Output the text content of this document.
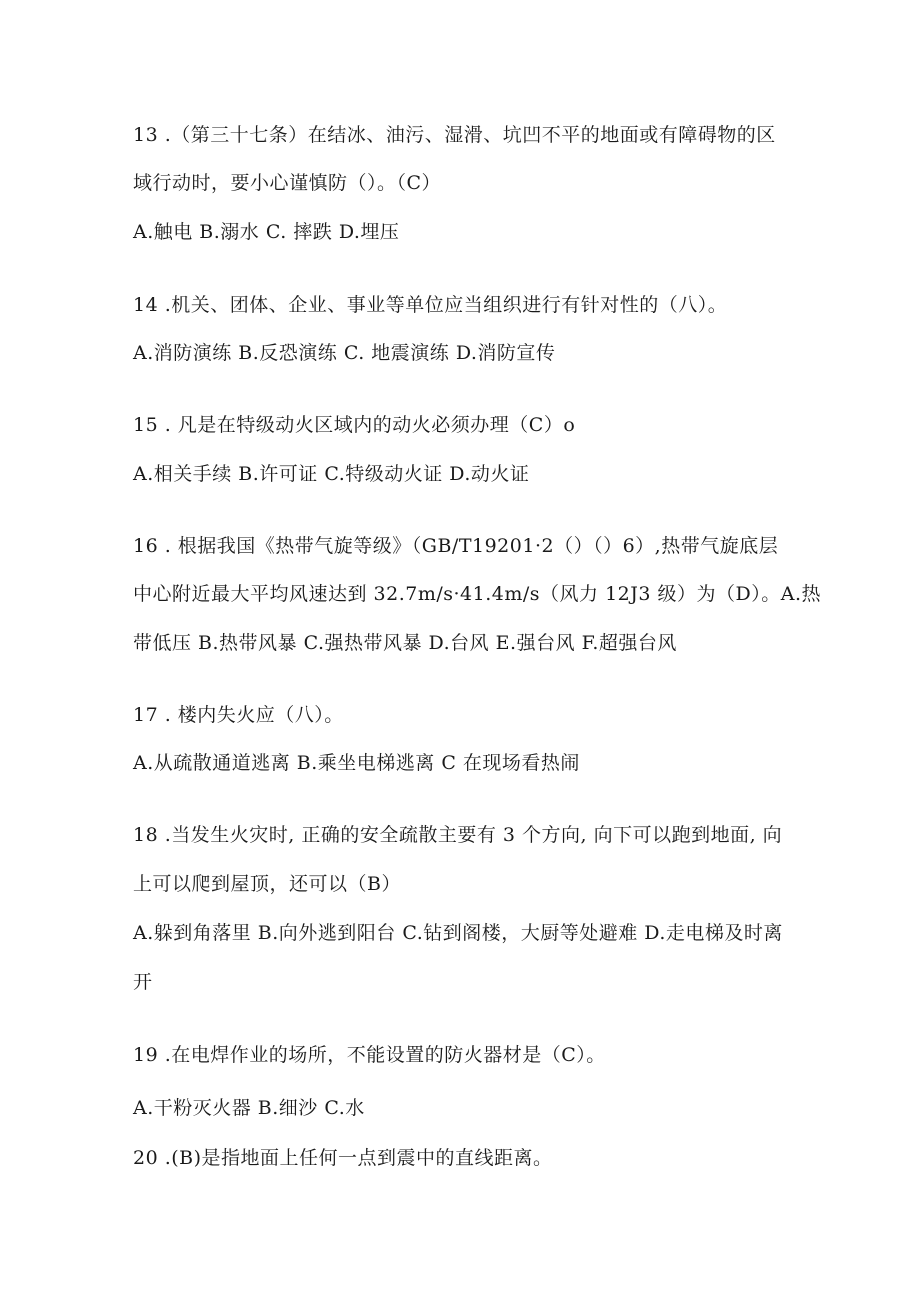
13 .（第三十七条）在结冰、油污、湿滑、坑凹不平的地面或有障碍物的区
域行动时，要小心谨慎防（）。（C）
A.触电 B.溺水 C. 摔跌 D.埋压
14 .机关、团体、企业、事业等单位应当组织进行有针对性的（八）。
A.消防演练 B.反恐演练 C. 地震演练 D.消防宣传
15 . 凡是在特级动火区域内的动火必须办理（C）o
A.相关手续 B.许可证 C.特级动火证 D.动火证
16 . 根据我国《热带气旋等级》（GB/T19201·2（）（）6）,热带气旋底层
中心附近最大平均风速达到 32.7m/s·41.4m/s（风力 12J3 级）为（D）。A.热
带低压 B.热带风暴 C.强热带风暴 D.台风 E.强台风 F.超强台风
17 . 楼内失火应（八）。
A.从疏散通道逃离 B.乘坐电梯逃离 C 在现场看热闹
18 .当发生火灾时, 正确的安全疏散主要有 3 个方向, 向下可以跑到地面, 向
上可以爬到屋顶，还可以（B）
A.躲到角落里 B.向外逃到阳台 C.钻到阁楼，大厨等处避难 D.走电梯及时离
开
19 .在电焊作业的场所，不能设置的防火器材是（C）。
A.干粉灭火器 B.细沙 C.水
20 .(B)是指地面上任何一点到震中的直线距离。
